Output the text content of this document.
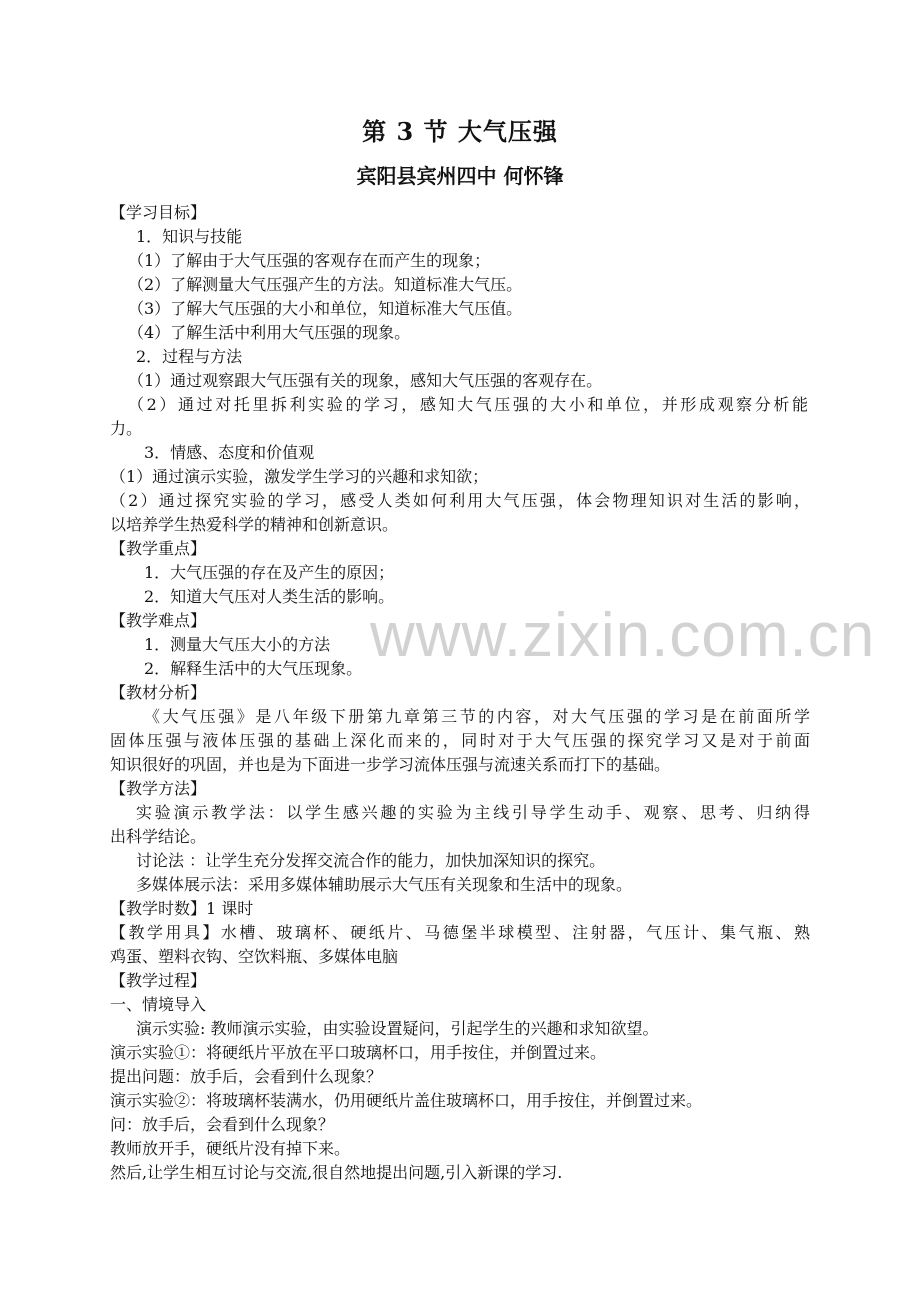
第 3 节 大气压强
宾阳县宾州四中 何怀锋
www.zixin.com.cn
【学习目标】
1．知识与技能
（1）了解由于大气压强的客观存在而产生的现象；
（2）了解测量大气压强产生的方法。知道标准大气压。
（3）了解大气压强的大小和单位，知道标准大气压值。
（4）了解生活中利用大气压强的现象。
2．过程与方法
（1）通过观察跟大气压强有关的现象，感知大气压强的客观存在。
（2）通过对托里拆利实验的学习，感知大气压强的大小和单位，并形成观察分析能
力。
3．情感、态度和价值观
（1）通过演示实验，激发学生学习的兴趣和求知欲；
（2）通过探究实验的学习，感受人类如何利用大气压强，体会物理知识对生活的影响，
以培养学生热爱科学的精神和创新意识。
【教学重点】
1．大气压强的存在及产生的原因；
2．知道大气压对人类生活的影响。
【教学难点】
1．测量大气压大小的方法
2．解释生活中的大气压现象。
【教材分析】
《大气压强》是八年级下册第九章第三节的内容，对大气压强的学习是在前面所学
固体压强与液体压强的基础上深化而来的，同时对于大气压强的探究学习又是对于前面
知识很好的巩固，并也是为下面进一步学习流体压强与流速关系而打下的基础。
【教学方法】
实验演示教学法：以学生感兴趣的实验为主线引导学生动手、观察、思考、归纳得
出科学结论。
讨论法 ：让学生充分发挥交流合作的能力，加快加深知识的探究。
多媒体展示法：采用多媒体辅助展示大气压有关现象和生活中的现象。
【教学时数】1 课时
【教学用具】水槽、玻璃杯、硬纸片、马德堡半球模型、注射器，气压计、集气瓶、熟
鸡蛋、塑料衣钩、空饮料瓶、多媒体电脑
【教学过程】
一、情境导入
演示实验: 教师演示实验，由实验设置疑问，引起学生的兴趣和求知欲望。
演示实验①：将硬纸片平放在平口玻璃杯口，用手按住，并倒置过来。
提出问题：放手后，会看到什么现象？
演示实验②：将玻璃杯装满水，仍用硬纸片盖住玻璃杯口，用手按住，并倒置过来。
问：放手后，会看到什么现象？
教师放开手，硬纸片没有掉下来。
然后,让学生相互讨论与交流,很自然地提出问题,引入新课的学习.
